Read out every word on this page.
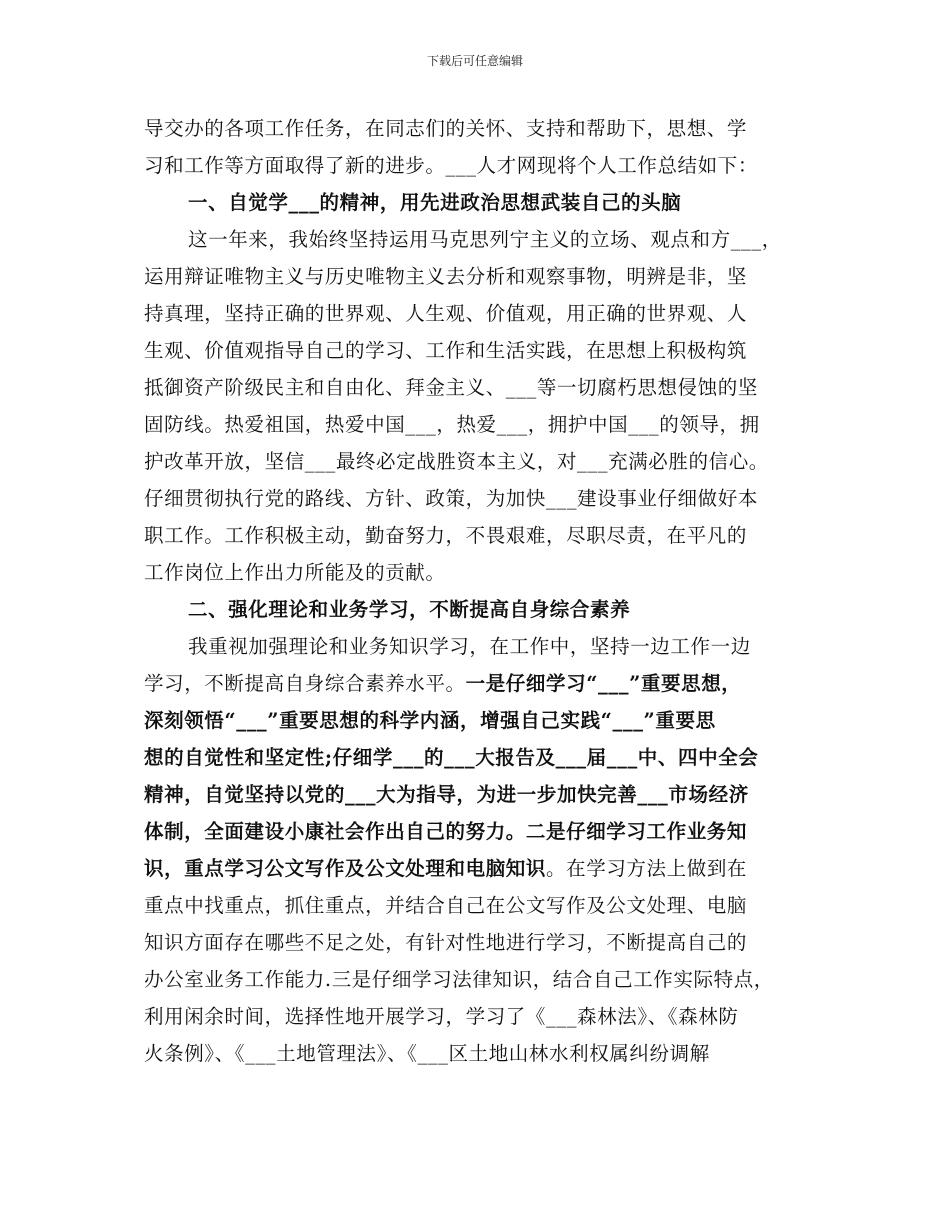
下载后可任意编辑
导交办的各项工作任务，在同志们的关怀、支持和帮助下，思想、学
习和工作等方面取得了新的进步。___人才网现将个人工作总结如下：
一、自觉学___的精神，用先进政治思想武装自己的头脑
这一年来，我始终坚持运用马克思列宁主义的立场、观点和方___，
运用辩证唯物主义与历史唯物主义去分析和观察事物，明辨是非，坚
持真理，坚持正确的世界观、人生观、价值观，用正确的世界观、人
生观、价值观指导自己的学习、工作和生活实践，在思想上积极构筑
抵御资产阶级民主和自由化、拜金主义、___等一切腐朽思想侵蚀的坚
固防线。热爱祖国，热爱中国___，热爱___，拥护中国___的领导，拥
护改革开放，坚信___最终必定战胜资本主义，对___充满必胜的信心。
仔细贯彻执行党的路线、方针、政策，为加快___建设事业仔细做好本
职工作。工作积极主动，勤奋努力，不畏艰难，尽职尽责，在平凡的
工作岗位上作出力所能及的贡献。
二、强化理论和业务学习，不断提高自身综合素养
我重视加强理论和业务知识学习，在工作中，坚持一边工作一边
学习，不断提高自身综合素养水平。一是仔细学习“___”重要思想，
深刻领悟“___”重要思想的科学内涵，增强自己实践“___”重要思
想的自觉性和坚定性;仔细学___的___大报告及___届___中、四中全会
精神，自觉坚持以党的___大为指导，为进一步加快完善___市场经济
体制，全面建设小康社会作出自己的努力。二是仔细学习工作业务知
识，重点学习公文写作及公文处理和电脑知识。在学习方法上做到在
重点中找重点，抓住重点，并结合自己在公文写作及公文处理、电脑
知识方面存在哪些不足之处，有针对性地进行学习，不断提高自己的
办公室业务工作能力.三是仔细学习法律知识，结合自己工作实际特点，
利用闲余时间，选择性地开展学习，学习了《___森林法》、《森林防
火条例》、《___土地管理法》、《___区土地山林水利权属纠纷调解
